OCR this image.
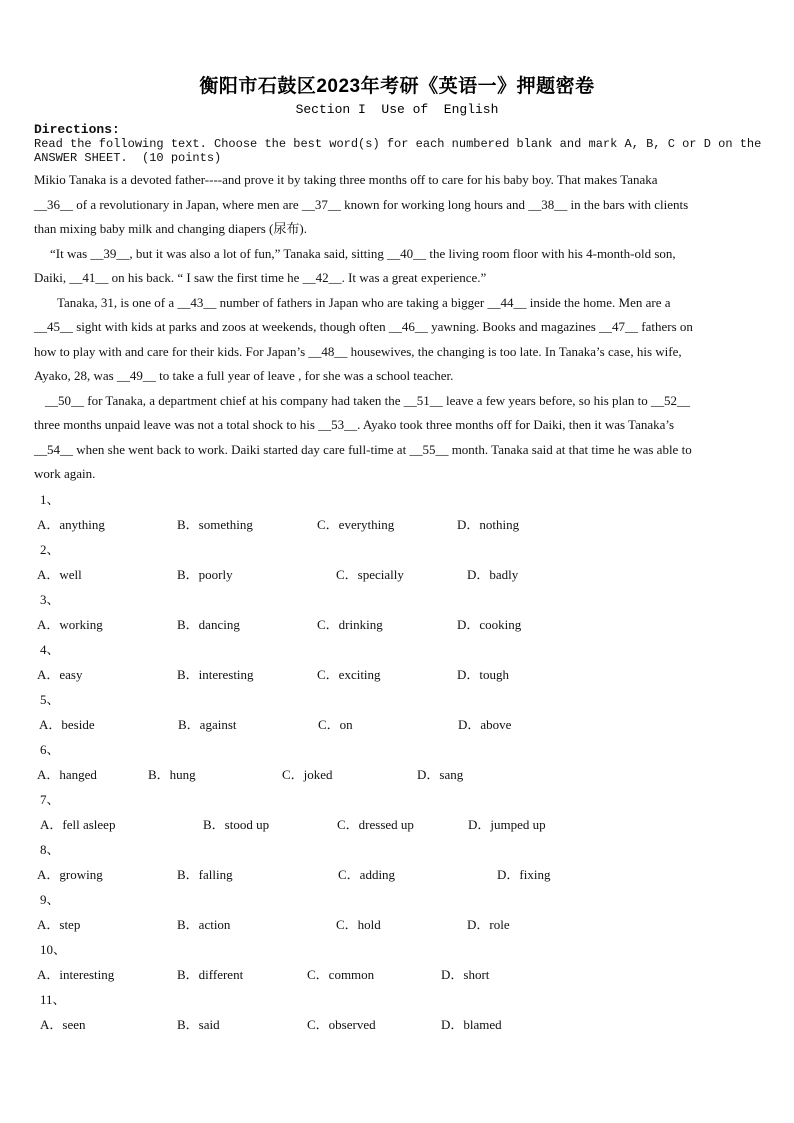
衡阳市石鼓区2023年考研《英语一》押题密卷
Section I  Use of  English
Directions:
Read the following text. Choose the best word(s) for each numbered blank and mark A, B, C or D on the
ANSWER SHEET.  (10 points)
Mikio Tanaka is a devoted father----and prove it by taking three months off to care for his baby boy. That makes Tanaka
__36__ of a revolutionary in Japan, where men are __37__ known for working long hours and __38__ in the bars with clients
than mixing baby milk and changing diapers (尿布).
“It was __39__, but it was also a lot of fun,” Tanaka said, sitting __40__ the living room floor with his 4-month-old son,
Daiki, __41__ on his back. “ I saw the first time he __42__. It was a great experience.”
Tanaka, 31, is one of a __43__ number of fathers in Japan who are taking a bigger __44__ inside the home. Men are a
__45__ sight with kids at parks and zoos at weekends, though often __46__ yawning. Books and magazines __47__ fathers on
how to play with and care for their kids. For Japan’s __48__ housewives, the changing is too late. In Tanaka’s case, his wife,
Ayako, 28, was __49__ to take a full year of leave , for she was a school teacher.
__50__ for Tanaka, a department chief at his company had taken the __51__ leave a few years before, so his plan to __52__
three months unpaid leave was not a total shock to his __53__. Ayako took three months off for Daiki, then it was Tanaka’s
__54__ when she went back to work. Daiki started day care full-time at __55__ month. Tanaka said at that time he was able to
work again.
1、
A．anything	B．something	C．everything	D．nothing
2、
A．well	B．poorly	C．specially	D．badly
3、
A．working	B．dancing	C．drinking	D．cooking
4、
A．easy	B．interesting	C．exciting	D．tough
5、
A．beside	B．against	C．on	D．above
6、
A．hanged	B．hung	C．joked	D．sang
7、
A．fell asleep	B．stood up	C．dressed up	D．jumped up
8、
A．growing	B．falling	C．adding	D．fixing
9、
A．step	B．action	C．hold	D．role
10、
A．interesting	B．different	C．common	D．short
11、
A．seen	B．said	C．observed	D．blamed
